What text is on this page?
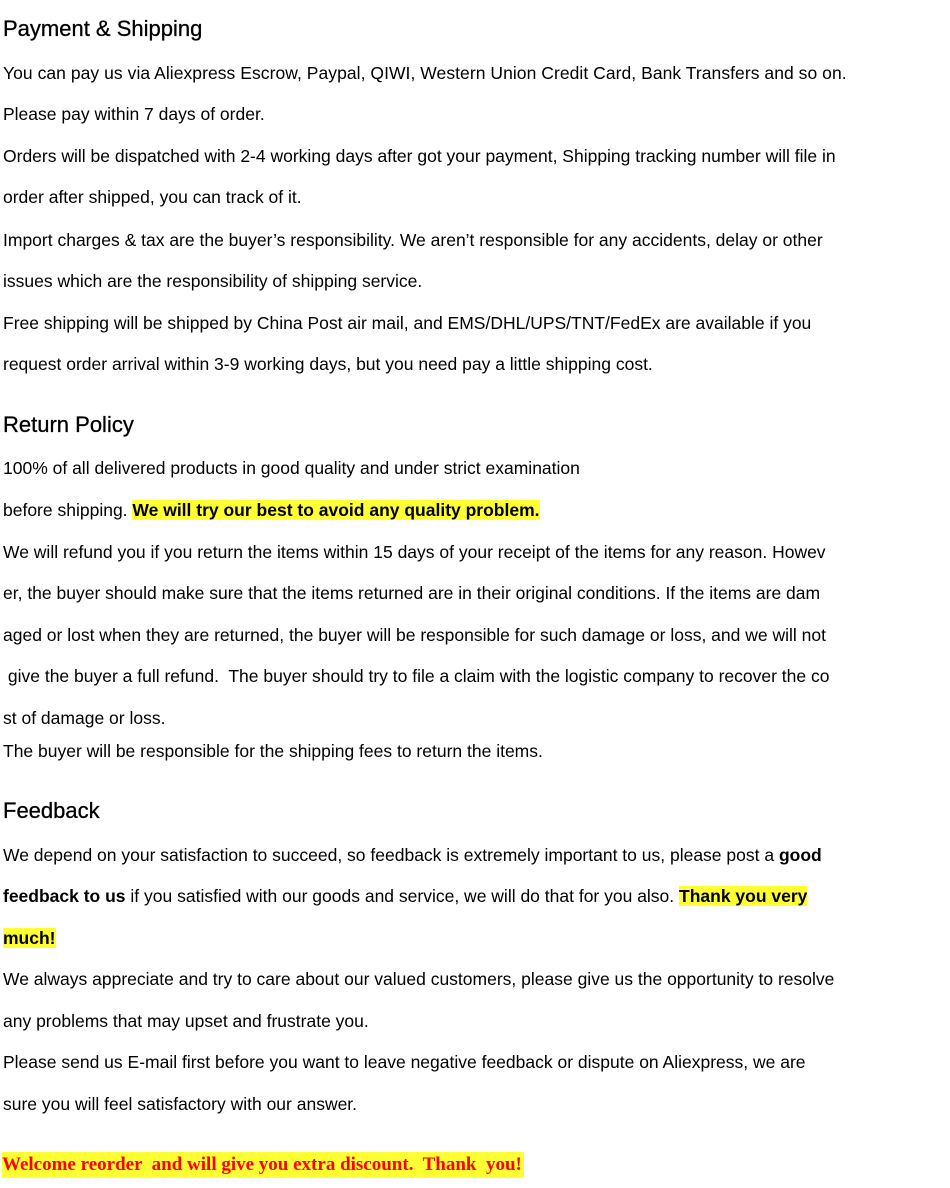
Payment & Shipping

You can pay us via Aliexpress Escrow, Paypal, QIWI, Western Union Credit Card, Bank Transfers and so on.

Please pay within 7 days of order.

Orders will be dispatched with 2-4 working days after got your payment, Shipping tracking number will file in

order after shipped, you can track of it.

Import charges & tax are the buyer’s responsibility. We aren’t responsible for any accidents, delay or other

issues which are the responsibility of shipping service.

Free shipping will be shipped by China Post air mail, and EMS/DHL/UPS/TNT/FedEx are available if you

request order arrival within 3-9 working days, but you need pay a little shipping cost.

Return Policy

100% of all delivered products in good quality and under strict examination

before shipping. We will try our best to avoid any quality problem.

We will refund you if you return the items within 15 days of your receipt of the items for any reason. Howev

er, the buyer should make sure that the items returned are in their original conditions. If the items are dam

aged or lost when they are returned, the buyer will be responsible for such damage or loss, and we will not

give the buyer a full refund.  The buyer should try to file a claim with the logistic company to recover the co

st of damage or loss.

The buyer will be responsible for the shipping fees to return the items.

Feedback

We depend on your satisfaction to succeed, so feedback is extremely important to us, please post a good

feedback to us if you satisfied with our goods and service, we will do that for you also. Thank you very

much!

We always appreciate and try to care about our valued customers, please give us the opportunity to resolve

any problems that may upset and frustrate you.

Please send us E-mail first before you want to leave negative feedback or dispute on Aliexpress, we are

sure you will feel satisfactory with our answer.

Welcome reorder  and will give you extra discount.  Thank  you!
